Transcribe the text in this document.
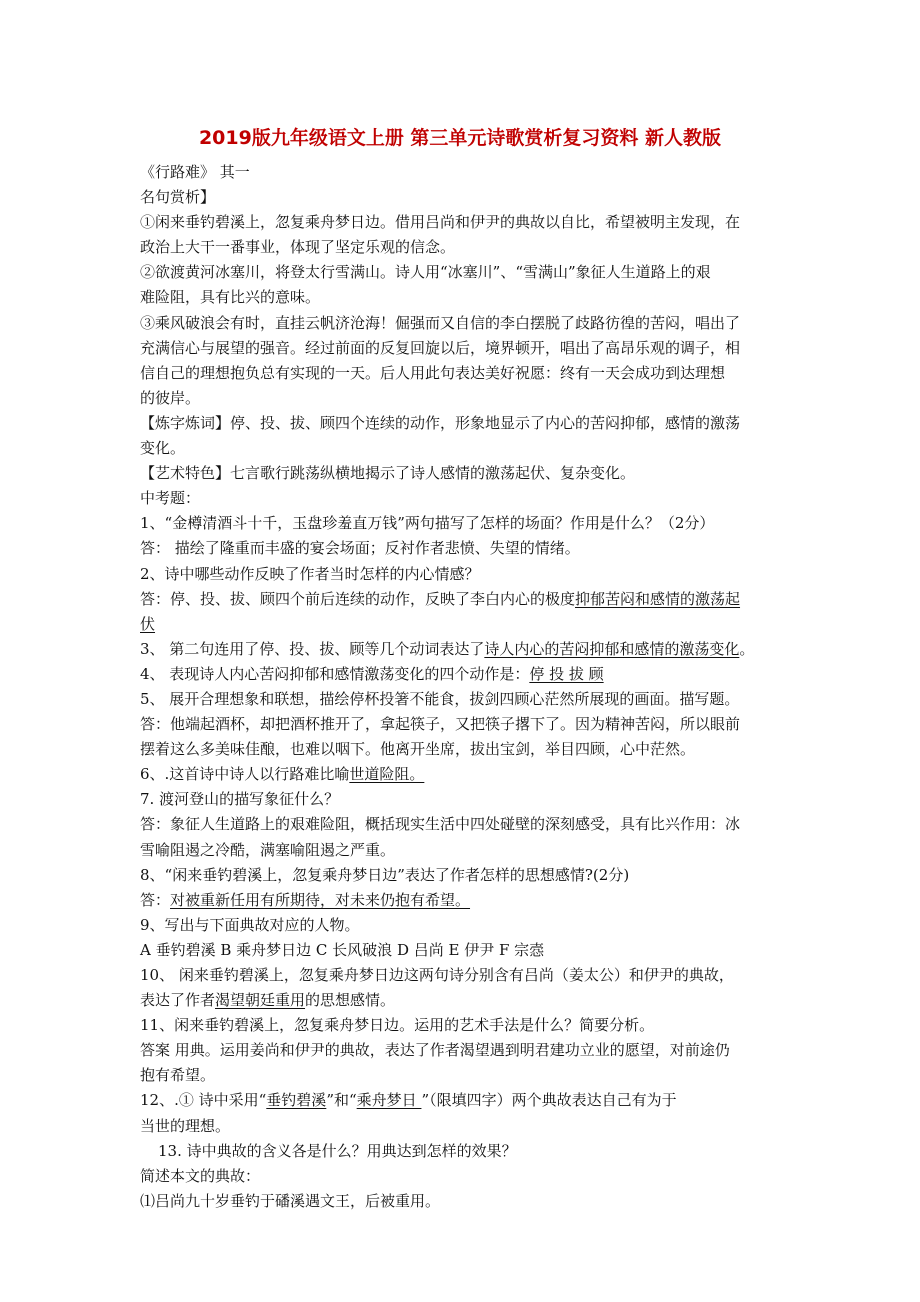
2019版九年级语文上册 第三单元诗歌赏析复习资料 新人教版
《行路难》 其一
名句赏析】
①闲来垂钓碧溪上，忽复乘舟梦日边。借用吕尚和伊尹的典故以自比，希望被明主发现，在
政治上大干一番事业，体现了坚定乐观的信念。
②欲渡黄河冰塞川，将登太行雪满山。诗人用“冰塞川”、“雪满山”象征人生道路上的艰
难险阻，具有比兴的意味。
③乘风破浪会有时，直挂云帆济沧海！倔强而又自信的李白摆脱了歧路彷徨的苦闷，唱出了
充满信心与展望的强音。经过前面的反复回旋以后，境界顿开，唱出了高昂乐观的调子，相
信自己的理想抱负总有实现的一天。后人用此句表达美好祝愿：终有一天会成功到达理想
的彼岸。
【炼字炼词】停、投、拔、顾四个连续的动作，形象地显示了内心的苦闷抑郁，感情的激荡
变化。
【艺术特色】七言歌行跳荡纵横地揭示了诗人感情的激荡起伏、复杂变化。
中考题：
1、“金樽清酒斗十千，玉盘珍羞直万钱”两句描写了怎样的场面？作用是什么？（2分）
答： 描绘了隆重而丰盛的宴会场面；反衬作者悲愤、失望的情绪。
2、诗中哪些动作反映了作者当时怎样的内心情感？
答：停、投、拔、顾四个前后连续的动作，反映了李白内心的极度抑郁苦闷和感情的激荡起
伏
3、 第二句连用了停、投、拔、顾等几个动词表达了诗人内心的苦闷抑郁和感情的激荡变化。
4、 表现诗人内心苦闷抑郁和感情激荡变化的四个动作是：停 投 拔 顾
5、 展开合理想象和联想，描绘停杯投箸不能食，拔剑四顾心茫然所展现的画面。描写题。
答：他端起酒杯，却把酒杯推开了，拿起筷子，又把筷子撂下了。因为精神苦闷，所以眼前
摆着这么多美味佳酿，也难以咽下。他离开坐席，拔出宝剑，举目四顾，心中茫然。
6、.这首诗中诗人以行路难比喻世道险阻。
7. 渡河登山的描写象征什么？
答：象征人生道路上的艰难险阻，概括现实生活中四处碰壁的深刻感受，具有比兴作用：冰
雪喻阻遏之冷酷，满塞喻阻遏之严重。
8、“闲来垂钓碧溪上，忽复乘舟梦日边”表达了作者怎样的思想感情?(2分)
答：对被重新任用有所期待，对未来仍抱有希望。
9、写出与下面典故对应的人物。
A 垂钓碧溪 B 乘舟梦日边 C 长风破浪 D 吕尚 E 伊尹 F 宗悫
10、 闲来垂钓碧溪上，忽复乘舟梦日边这两句诗分别含有吕尚（姜太公）和伊尹的典故，
表达了作者渴望朝廷重用的思想感情。
11、闲来垂钓碧溪上，忽复乘舟梦日边。运用的艺术手法是什么？简要分析。
答案 用典。运用姜尚和伊尹的典故，表达了作者渴望遇到明君建功立业的愿望，对前途仍
抱有希望。
12、.① 诗中采用“垂钓碧溪”和“乘舟梦日 ”（限填四字）两个典故表达自己有为于
当世的理想。
13. 诗中典故的含义各是什么？用典达到怎样的效果？
简述本文的典故：
⑴吕尚九十岁垂钓于磻溪遇文王，后被重用。
